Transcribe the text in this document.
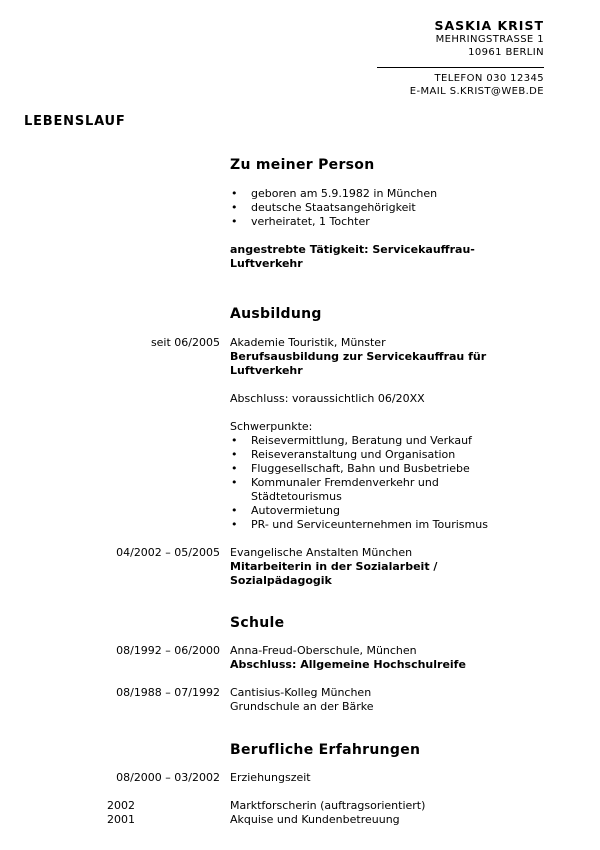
SASKIA KRIST
MEHRINGSTRASSE 1
10961 BERLIN
TELEFON 030 12345
E-MAIL S.KRIST@WEB.DE
LEBENSLAUF
Zu meiner Person
• geboren am 5.9.1982 in München
• deutsche Staatsangehörigkeit
• verheiratet, 1 Tochter
angestrebte Tätigkeit: Servicekauffrau-
Luftverkehr
Ausbildung
seit 06/2005 Akademie Touristik, Münster
Berufsausbildung zur Servicekauffrau für
Luftverkehr
Abschluss: voraussichtlich 06/20XX
Schwerpunkte:
• Reisevermittlung, Beratung und Verkauf
• Reiseveranstaltung und Organisation
• Fluggesellschaft, Bahn und Busbetriebe
• Kommunaler Fremdenverkehr und
Städtetourismus
• Autovermietung
• PR- und Serviceunternehmen im Tourismus
04/2002 – 05/2005 Evangelische Anstalten München
Mitarbeiterin in der Sozialarbeit /
Sozialpädagogik
Schule
08/1992 – 06/2000 Anna-Freud-Oberschule, München
Abschluss: Allgemeine Hochschulreife
08/1988 – 07/1992 Cantisius-Kolleg München
Grundschule an der Bärke
Berufliche Erfahrungen
08/2000 – 03/2002 Erziehungszeit
2002
2001
Marktforscherin (auftragsorientiert)
Akquise und Kundenbetreuung
